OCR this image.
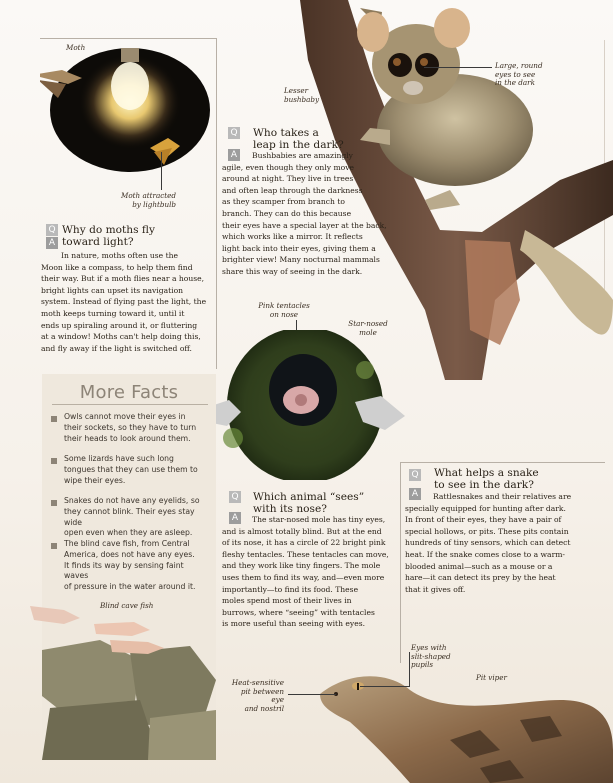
Moth
Moth attracted
by lightbulb
Q
A
Why do moths fly
toward light?
In nature, moths often use the
Moon like a compass, to help them find
their way. But if a moth flies near a house,
bright lights can upset its navigation
system. Instead of flying past the light, the
moth keeps turning toward it, until it
ends up spiraling around it, or fluttering
at a window! Moths can't help doing this,
and fly away if the light is switched off.
Lesser
bushbaby
Large, round
eyes to see
in the dark
Q
A
Who takes a
leap in the dark?
Bushbabies are amazingly
agile, even though they only move
around at night. They live in trees
and often leap through the darkness
as they scamper from branch to
branch. They can do this because
their eyes have a special layer at the back,
which works like a mirror. It reflects
light back into their eyes, giving them a
brighter view! Many nocturnal mammals
share this way of seeing in the dark.
Pink tentacles
on nose
Star-nosed
mole
More Facts
Owls cannot move their eyes in
their sockets, so they have to turn
their heads to look around them.
Some lizards have such long
tongues that they can use them to
wipe their eyes.
Snakes do not have any eyelids, so
they cannot blink. Their eyes stay wide
open even when they are asleep.
The blind cave fish, from Central
America, does not have any eyes.
It finds its way by sensing faint waves
of pressure in the water around it.
Blind cave fish
Q
A
Which animal “sees”
with its nose?
The star-nosed mole has tiny eyes,
and is almost totally blind. But at the end
of its nose, it has a circle of 22 bright pink
fleshy tentacles. These tentacles can move,
and they work like tiny fingers. The mole
uses them to find its way, and—even more
importantly—to find its food. These
moles spend most of their lives in
burrows, where “seeing” with tentacles
is more useful than seeing with eyes.
Q
A
What helps a snake
to see in the dark?
Rattlesnakes and their relatives are
specially equipped for hunting after dark.
In front of their eyes, they have a pair of
special hollows, or pits. These pits contain
hundreds of tiny sensors, which can detect
heat. If the snake comes close to a warm-
blooded animal—such as a mouse or a
hare—it can detect its prey by the heat
that it gives off.
Eyes with
slit-shaped
pupils
Pit viper
Heat-sensitive
pit between eye
and nostril
